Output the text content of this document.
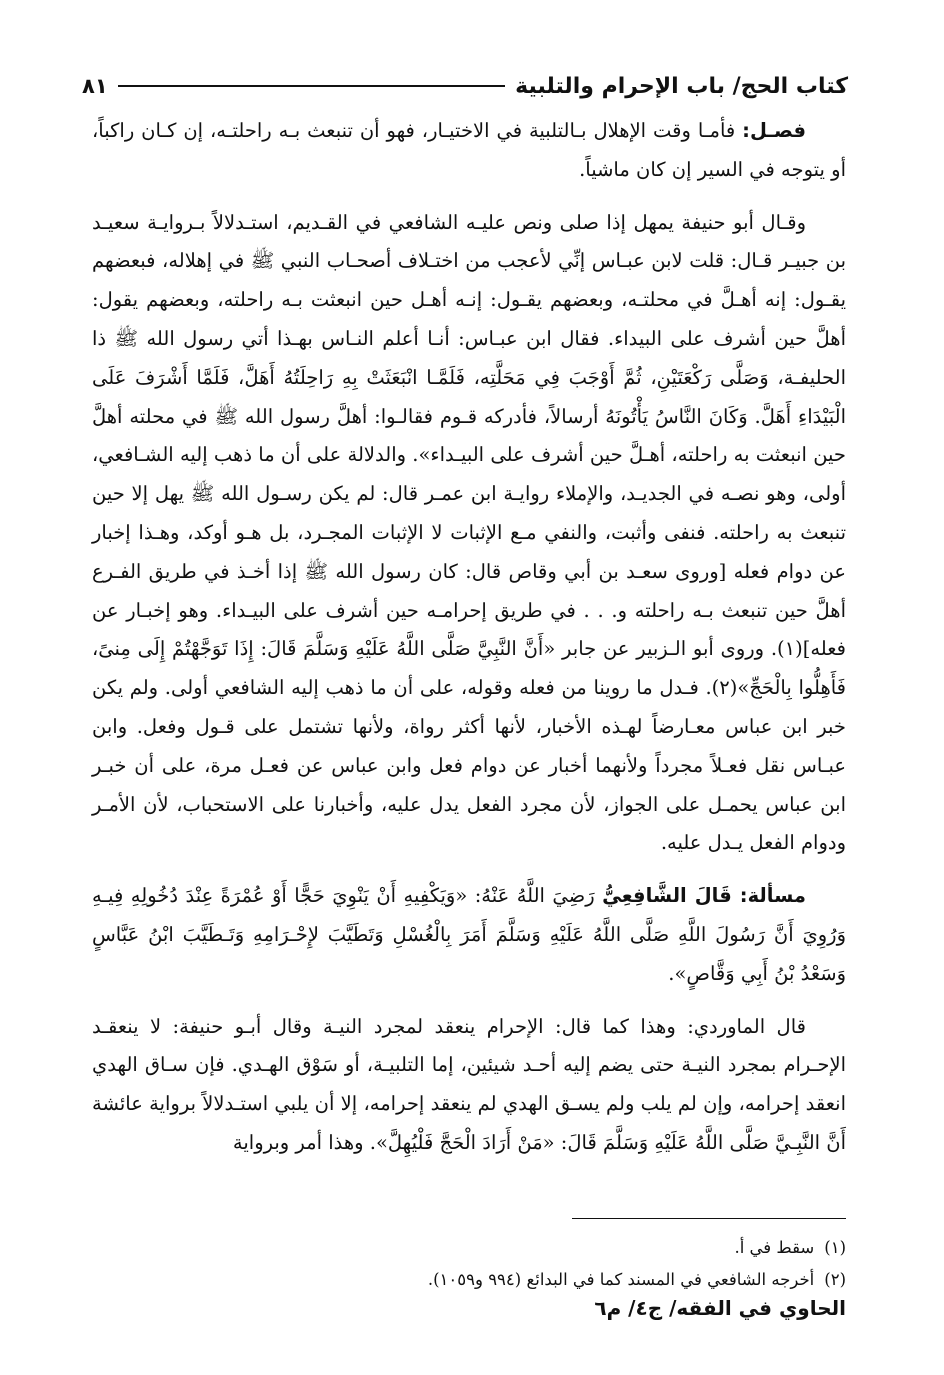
كتاب الحج/ باب الإحرام والتلبية
٨١

فصـل: فأمـا وقت الإهلال بـالتلبية في الاختيـار، فهو أن تنبعث بـه راحلتـه، إن كـان راكباً، أو يتوجه في السير إن كان ماشياً.

وقـال أبو حنيفة يمهل إذا صلى ونص عليـه الشافعي في القـديم، استـدلالاً بـروايـة سعيـد بن جبيـر قـال: قلت لابن عبـاس إنِّي لأعجب من اختـلاف أصحـاب النبي ﷺ في إهلاله، فبعضهم يقـول: إنه أهـلَّ في محلتـه، وبعضهم يقـول: إنـه أهـل حين انبعثت بـه راحلته، وبعضهم يقول: أهلَّ حين أشرف على البيداء. فقال ابن عبـاس: أنـا أعلم النـاس بهـذا أتي رسول الله ﷺ ذا الحليفـة، وَصَلَّى رَكْعَتَيْنِ، ثُمَّ أَوْجَبَ فِي مَحَلَّتِه، فَلَمَّـا انْبَعَثَتْ بِهِ رَاحِلَتُهُ أَهَلَّ، فَلَمَّا أَشْرَفَ عَلَى الْبَيْدَاءِ أَهَلَّ. وَكَانَ النَّاسُ يَأْتُونَهُ أرسالاً، فأدركه قـوم فقالـوا: أهلَّ رسول الله ﷺ في محلته أهلَّ حين انبعثت به راحلته، أهـلَّ حين أشرف على البيـداء». والدلالة على أن ما ذهب إليه الشـافعي، أولى، وهو نصـه في الجديـد، والإملاء روايـة ابن عمـر قال: لم يكن رسـول الله ﷺ يهل إلا حين تنبعث به راحلته. فنفى وأثبت، والنفي مـع الإثبات لا الإثبات المجـرد، بل هـو أوكد، وهـذا إخبار عن دوام فعله [وروى سعـد بن أبي وقاص قال: كان رسول الله ﷺ إذا أخـذ في طريق الفـرع أهلَّ حين تنبعث بـه راحلته و. . . في طريق إحرامـه حين أشرف على البيـداء. وهو إخبـار عن فعله](١). وروى أبو الـزبير عن جابر «أَنَّ النَّبِيَّ صَلَّى اللَّهُ عَلَيْهِ وَسَلَّمَ قَالَ: إِذَا تَوَجَّهْتُمْ إِلَى مِنىً، فَأَهِلُّوا بِالْحَجِّ»(٢). فـدل ما روينا من فعله وقوله، على أن ما ذهب إليه الشافعي أولى. ولم يكن خبر ابن عباس معـارضاً لهـذه الأخبار، لأنها أكثر رواة، ولأنها تشتمل على قـول وفعل. وابن عبـاس نقل فعـلاً مجرداً ولأنهما أخبار عن دوام فعل وابن عباس عن فعـل مرة، على أن خبـر ابن عباس يحمـل على الجواز، لأن مجرد الفعل يدل عليه، وأخبارنا على الاستحباب، لأن الأمـر ودوام الفعل يـدل عليه.

مسألة: قَالَ الشَّافِعِيُّ رَضِيَ اللَّهُ عَنْهُ: «وَيَكْفِيهِ أَنْ يَنْوِيَ حَجًّا أَوْ عُمْرَةً عِنْدَ دُخُولِهِ فِيـهِ وَرُوِيَ أَنَّ رَسُولَ اللَّهِ صَلَّى اللَّهُ عَلَيْهِ وَسَلَّمَ أَمَرَ بِالْغُسْلِ وَتَطَيَّبَ لإِحْـرَامِهِ وَتَـطَيَّبَ ابْنُ عَبَّاسٍ وَسَعْدُ بْنُ أَبِي وَقَّاصٍ».

قال الماوردي: وهذا كما قال: الإحرام ينعقد لمجرد النيـة وقال أبـو حنيفة: لا ينعقـد الإحـرام بمجرد النيـة حتى يضم إليه أحـد شيئين، إما التلبيـة، أو سَوْق الهـدي. فإن سـاق الهدي انعقد إحرامه، وإن لم يلب ولم يسـق الهدي لم ينعقد إحرامه، إلا أن يلبي استـدلالاً برواية عائشة أَنَّ النَّبِـيَّ صَلَّى اللَّهُ عَلَيْهِ وَسَلَّمَ قَالَ: «مَنْ أَرَادَ الْحَجَّ فَلْيُهِلَّ». وهذا أمر وبرواية

(١)
سقط في أ.
(٢)
أخرجه الشافعي في المسند كما في البدائع (٩٩٤ و١٠٥٩).
الحاوي في الفقه/ ج٤/ م٦
